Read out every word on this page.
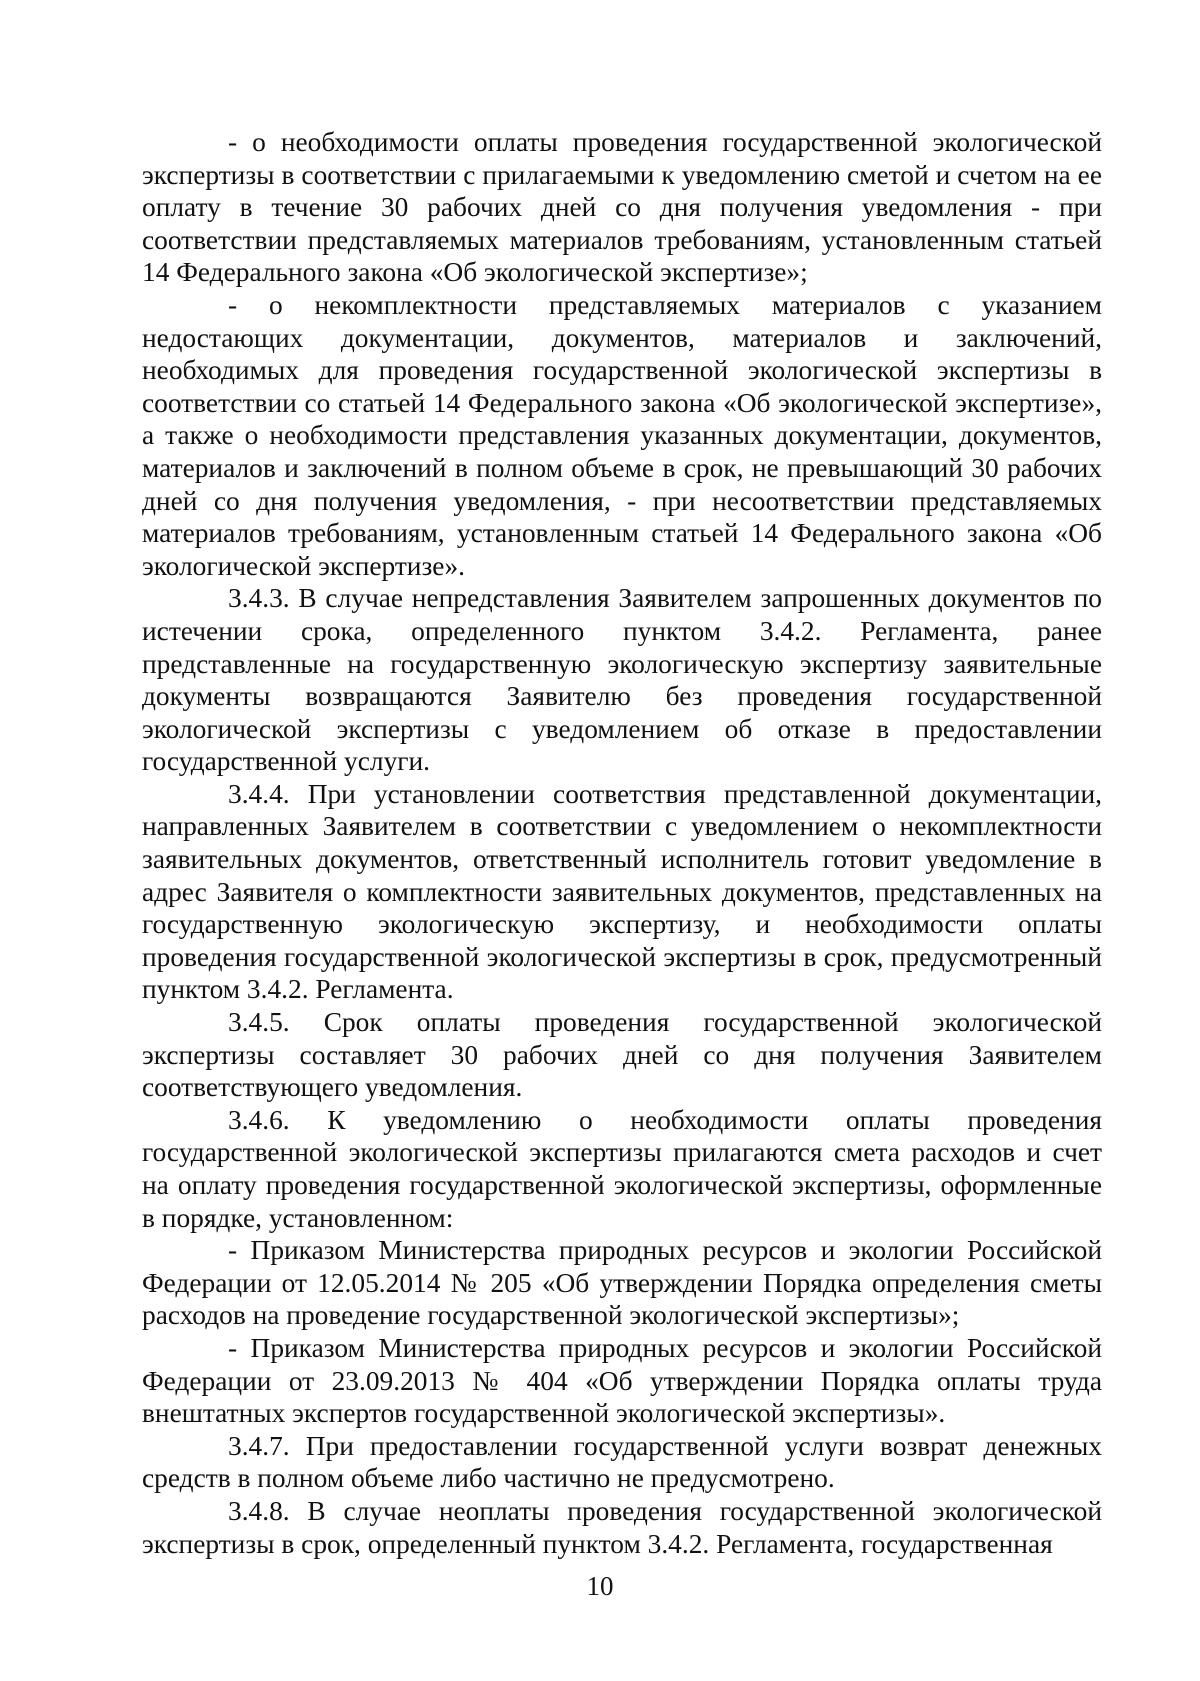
- о необходимости оплаты проведения государственной экологической экспертизы в соответствии с прилагаемыми к уведомлению сметой и счетом на ее оплату в течение 30 рабочих дней со дня получения уведомления - при соответствии представляемых материалов требованиям, установленным статьей 14 Федерального закона «Об экологической экспертизе»;

- о некомплектности представляемых материалов с указанием недостающих документации, документов, материалов и заключений, необходимых для проведения государственной экологической экспертизы в соответствии со статьей 14 Федерального закона «Об экологической экспертизе», а также о необходимости представления указанных документации, документов, материалов и заключений в полном объеме в срок, не превышающий 30 рабочих дней со дня получения уведомления, - при несоответствии представляемых материалов требованиям, установленным статьей 14 Федерального закона «Об экологической экспертизе».

3.4.3. В случае непредставления Заявителем запрошенных документов по истечении срока, определенного пунктом 3.4.2. Регламента, ранее представленные на государственную экологическую экспертизу заявительные документы возвращаются Заявителю без проведения государственной экологической экспертизы с уведомлением об отказе в предоставлении государственной услуги.

3.4.4. При установлении соответствия представленной документации, направленных Заявителем в соответствии с уведомлением о некомплектности заявительных документов, ответственный исполнитель готовит уведомление в адрес Заявителя о комплектности заявительных документов, представленных на государственную экологическую экспертизу, и необходимости оплаты проведения государственной экологической экспертизы в срок, предусмотренный пунктом 3.4.2. Регламента.

3.4.5. Срок оплаты проведения государственной экологической экспертизы составляет 30 рабочих дней со дня получения Заявителем соответствующего уведомления.

3.4.6. К уведомлению о необходимости оплаты проведения государственной экологической экспертизы прилагаются смета расходов и счет на оплату проведения государственной экологической экспертизы, оформленные в порядке, установленном:

- Приказом Министерства природных ресурсов и экологии Российской Федерации от 12.05.2014 № 205 «Об утверждении Порядка определения сметы расходов на проведение государственной экологической экспертизы»;

- Приказом Министерства природных ресурсов и экологии Российской Федерации от 23.09.2013 № 404 «Об утверждении Порядка оплаты труда внештатных экспертов государственной экологической экспертизы».

3.4.7. При предоставлении государственной услуги возврат денежных средств в полном объеме либо частично не предусмотрено.

3.4.8. В случае неоплаты проведения государственной экологической экспертизы в срок, определенный пунктом 3.4.2. Регламента, государственная

10
